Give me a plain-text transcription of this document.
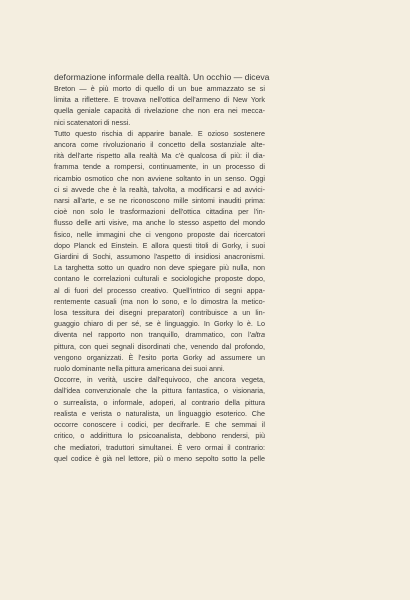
deformazione informale della realtà. Un occhio — diceva
Breton — è più morto di quello di un bue ammazzato se si
limita a riflettere. E trovava nell'ottica dell'armeno di New York
quella geniale capacità di rivelazione che non era nei mecca-
nici scatenatori di nessi.

Tutto questo rischia di apparire banale. E ozioso sostenere
ancora come rivoluzionario il concetto della sostanziale alte-
rità dell'arte rispetto alla realtà Ma c'è qualcosa di più: il dia-
framma tende a rompersi, continuamente, in un processo di
ricambio osmotico che non avviene soltanto in un senso. Oggi
ci si avvede che è la realtà, talvolta, a modificarsi e ad avvici-
narsi all'arte, e se ne riconoscono mille sintomi inauditi prima:
cioè non solo le trasformazioni dell'ottica cittadina per l'in-
flusso delle arti visive, ma anche lo stesso aspetto del mondo
fisico, nelle immagini che ci vengono proposte dai ricercatori
dopo Planck ed Einstein. E allora questi titoli di Gorky, i suoi
Giardini di Sochi, assumono l'aspetto di insidiosi anacronismi.
La targhetta sotto un quadro non deve spiegare più nulla, non
contano le correlazioni culturali e sociologiche proposte dopo,
al di fuori del processo creativo. Quell'intrico di segni appa-
rentemente casuali (ma non lo sono, e lo dimostra la metico-
losa tessitura dei disegni preparatori) contribuisce a un lin-
guaggio chiaro di per sé, se è linguaggio. In Gorky lo è. Lo
diventa nel rapporto non tranquillo, drammatico, con l'altra
pittura, con quei segnali disordinati che, venendo dal profondo,
vengono organizzati. È l'esito porta Gorky ad assumere un
ruolo dominante nella pittura americana dei suoi anni.

Occorre, in verità, uscire dall'equivoco, che ancora vegeta,
dall'idea convenzionale che la pittura fantastica, o visionaria,
o surrealista, o informale, adoperi, al contrario della pittura
realista e verista o naturalista, un linguaggio esoterico. Che
occorre conoscere i codici, per decifrarle. E che semmai il
critico, o addirittura lo psicoanalista, debbono rendersi, più
che mediatori, traduttori simultanei. È vero ormai il contrario:
quel codice è già nel lettore, più o meno sepolto sotto la pelle
